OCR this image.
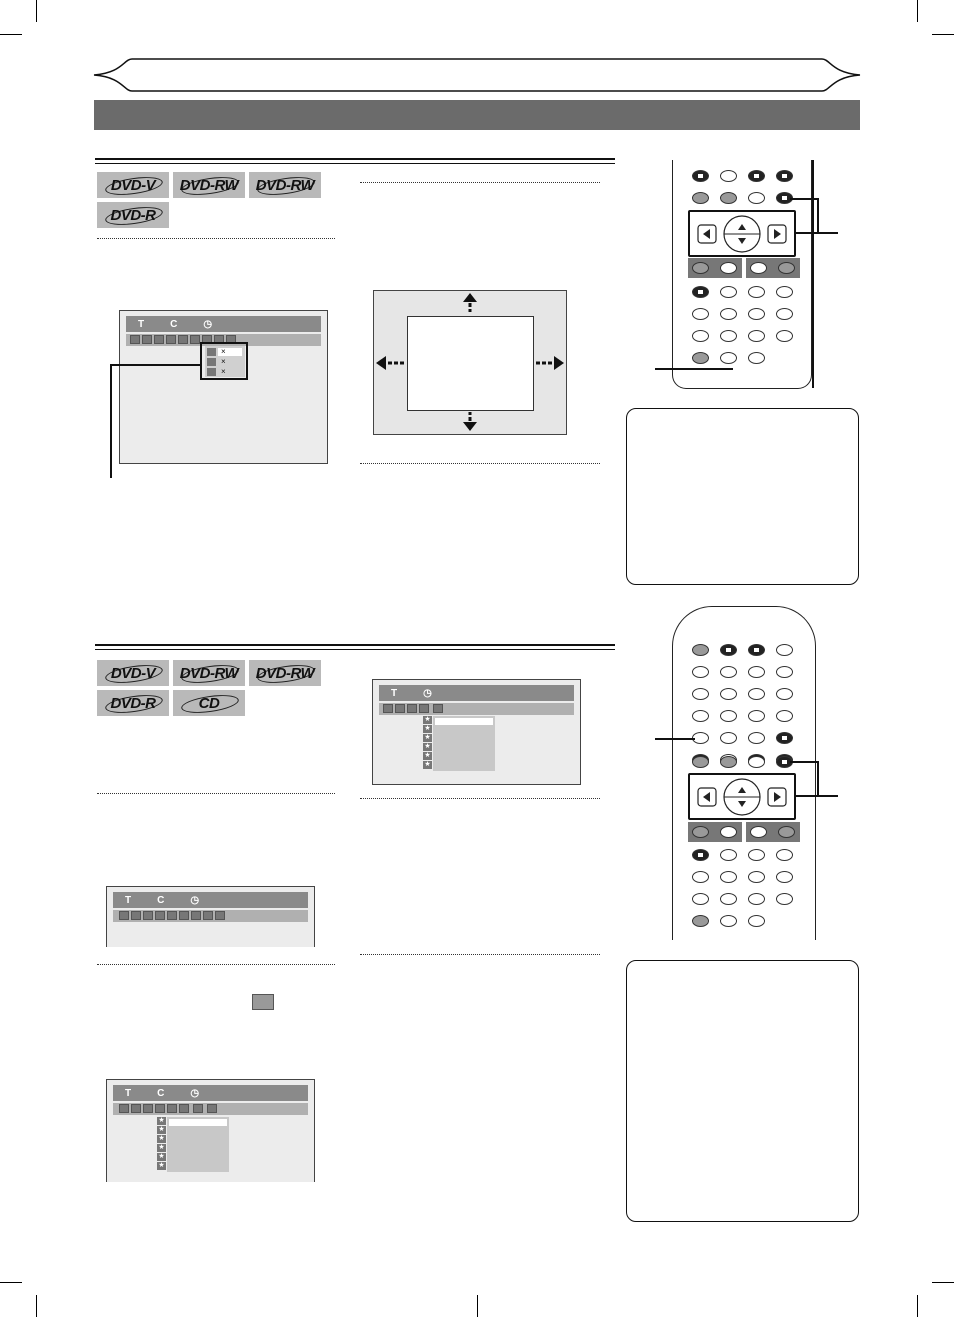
DVD-V DVD-RW DVD-RW
DVD-R
T	C	◷
×
×
×
DVD-V DVD-RW DVD-RW
DVD-R	CD
T	C	◷
T	C	◷
★
★
★
★
★
★
T	◷
★
★
★
★
★
★
